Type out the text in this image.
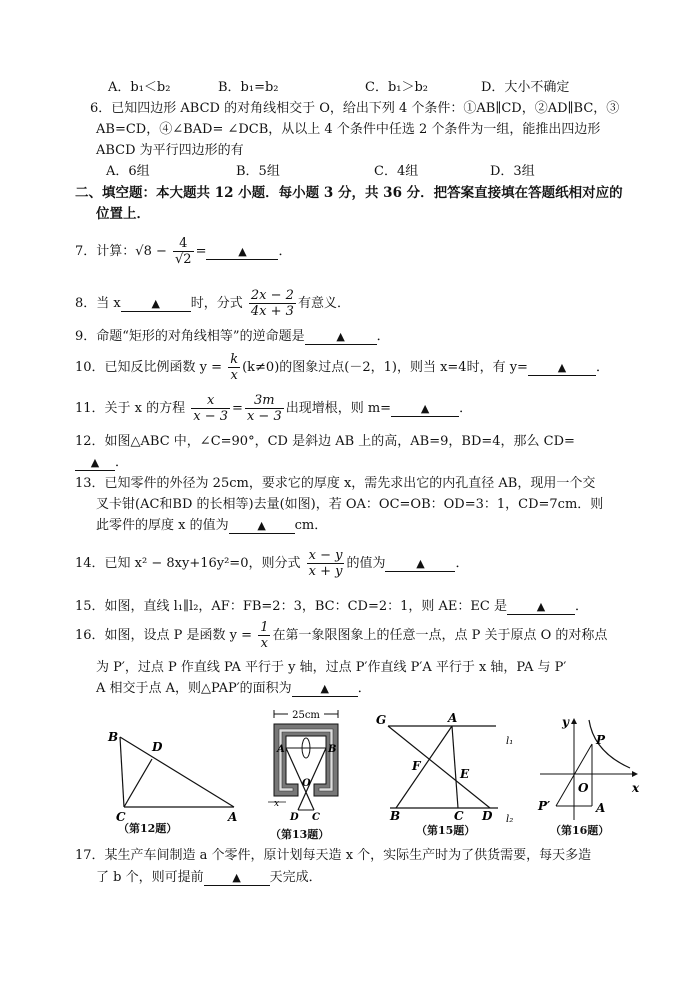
A．b₁＜b₂	B．b₁=b₂	C．b₁＞b₂	D．大小不确定
6．已知四边形 ABCD 的对角线相交于 O，给出下列 4 个条件：①AB∥CD，②AD∥BC，③
AB=CD，④∠BAD= ∠DCB，从以上 4 个条件中任选 2 个条件为一组，能推出四边形
ABCD 为平行四边形的有
A．6组	B．5组	C．4组	D．3组
二、填空题：本大题共 12 小题．每小题 3 分，共 36 分．把答案直接填在答题纸相对应的
位置上．
7．计算：$√8 - \frac{4}{√2}$ =	▲ ．
8．当 x	▲ 时，分式 $\frac{2x - 2}{4x + 3}$ 有意义．
9．命题“矩形的对角线相等”的逆命题是	▲ ．
10．已知反比例函数 $y = \frac{k}{x} (k\ne 0)$的图象过点(－2，1)，则当 x=4时，有 y=	▲ ．
11．关于 x 的方程 $\frac{x}{x - 3} = \frac{3m}{x - 3}$ 出现增根，则 m=	▲ ．
12．如图△ABC 中，∠C=90°，CD 是斜边 AB 上的高，AB=9，BD=4，那么 CD=
▲ ．
13．已知零件的外径为 25cm，要求它的厚度 x，需先求出它的内孔直径 AB，现用一个交
叉卡钳(AC和BD 的长相等)去量(如图)，若 OA：OC=OB：OD=3：1，CD=7cm．则
此零件的厚度 x 的值为	▲ cm．
14．已知 x² − 8xy+16y²=0，则分式 $\frac{x - y}{x + y}$ 的值为	▲ ．
15．如图，直线 l₁∥l₂，AF：FB=2：3，BC：CD=2：1，则 AE：EC 是	▲ ．
16．如图，设点 P 是函数 $y = \frac{1}{x}$ 在第一象限图象上的任意一点，点 P 关于原点 O 的对称点
为 P′，过点 P 作直线 PA 平行于 y 轴，过点 P′作直线 P′A 平行于 x 轴，PA 与 P′
A 相交于点 A，则△PAP′的面积为	▲ ．
B
D
C	A
（第12题）
25cm
A	B
O
C
D
x
（第13题）
G	A
l₁
F
E
B	C D l₂
（第15题）
y
P
O	x
P′	A
（第16题）
17．某生产车间制造 a 个零件，原计划每天造 x 个，实际生产时为了供货需要，每天多造
了 b 个，则可提前	▲ 天完成．
